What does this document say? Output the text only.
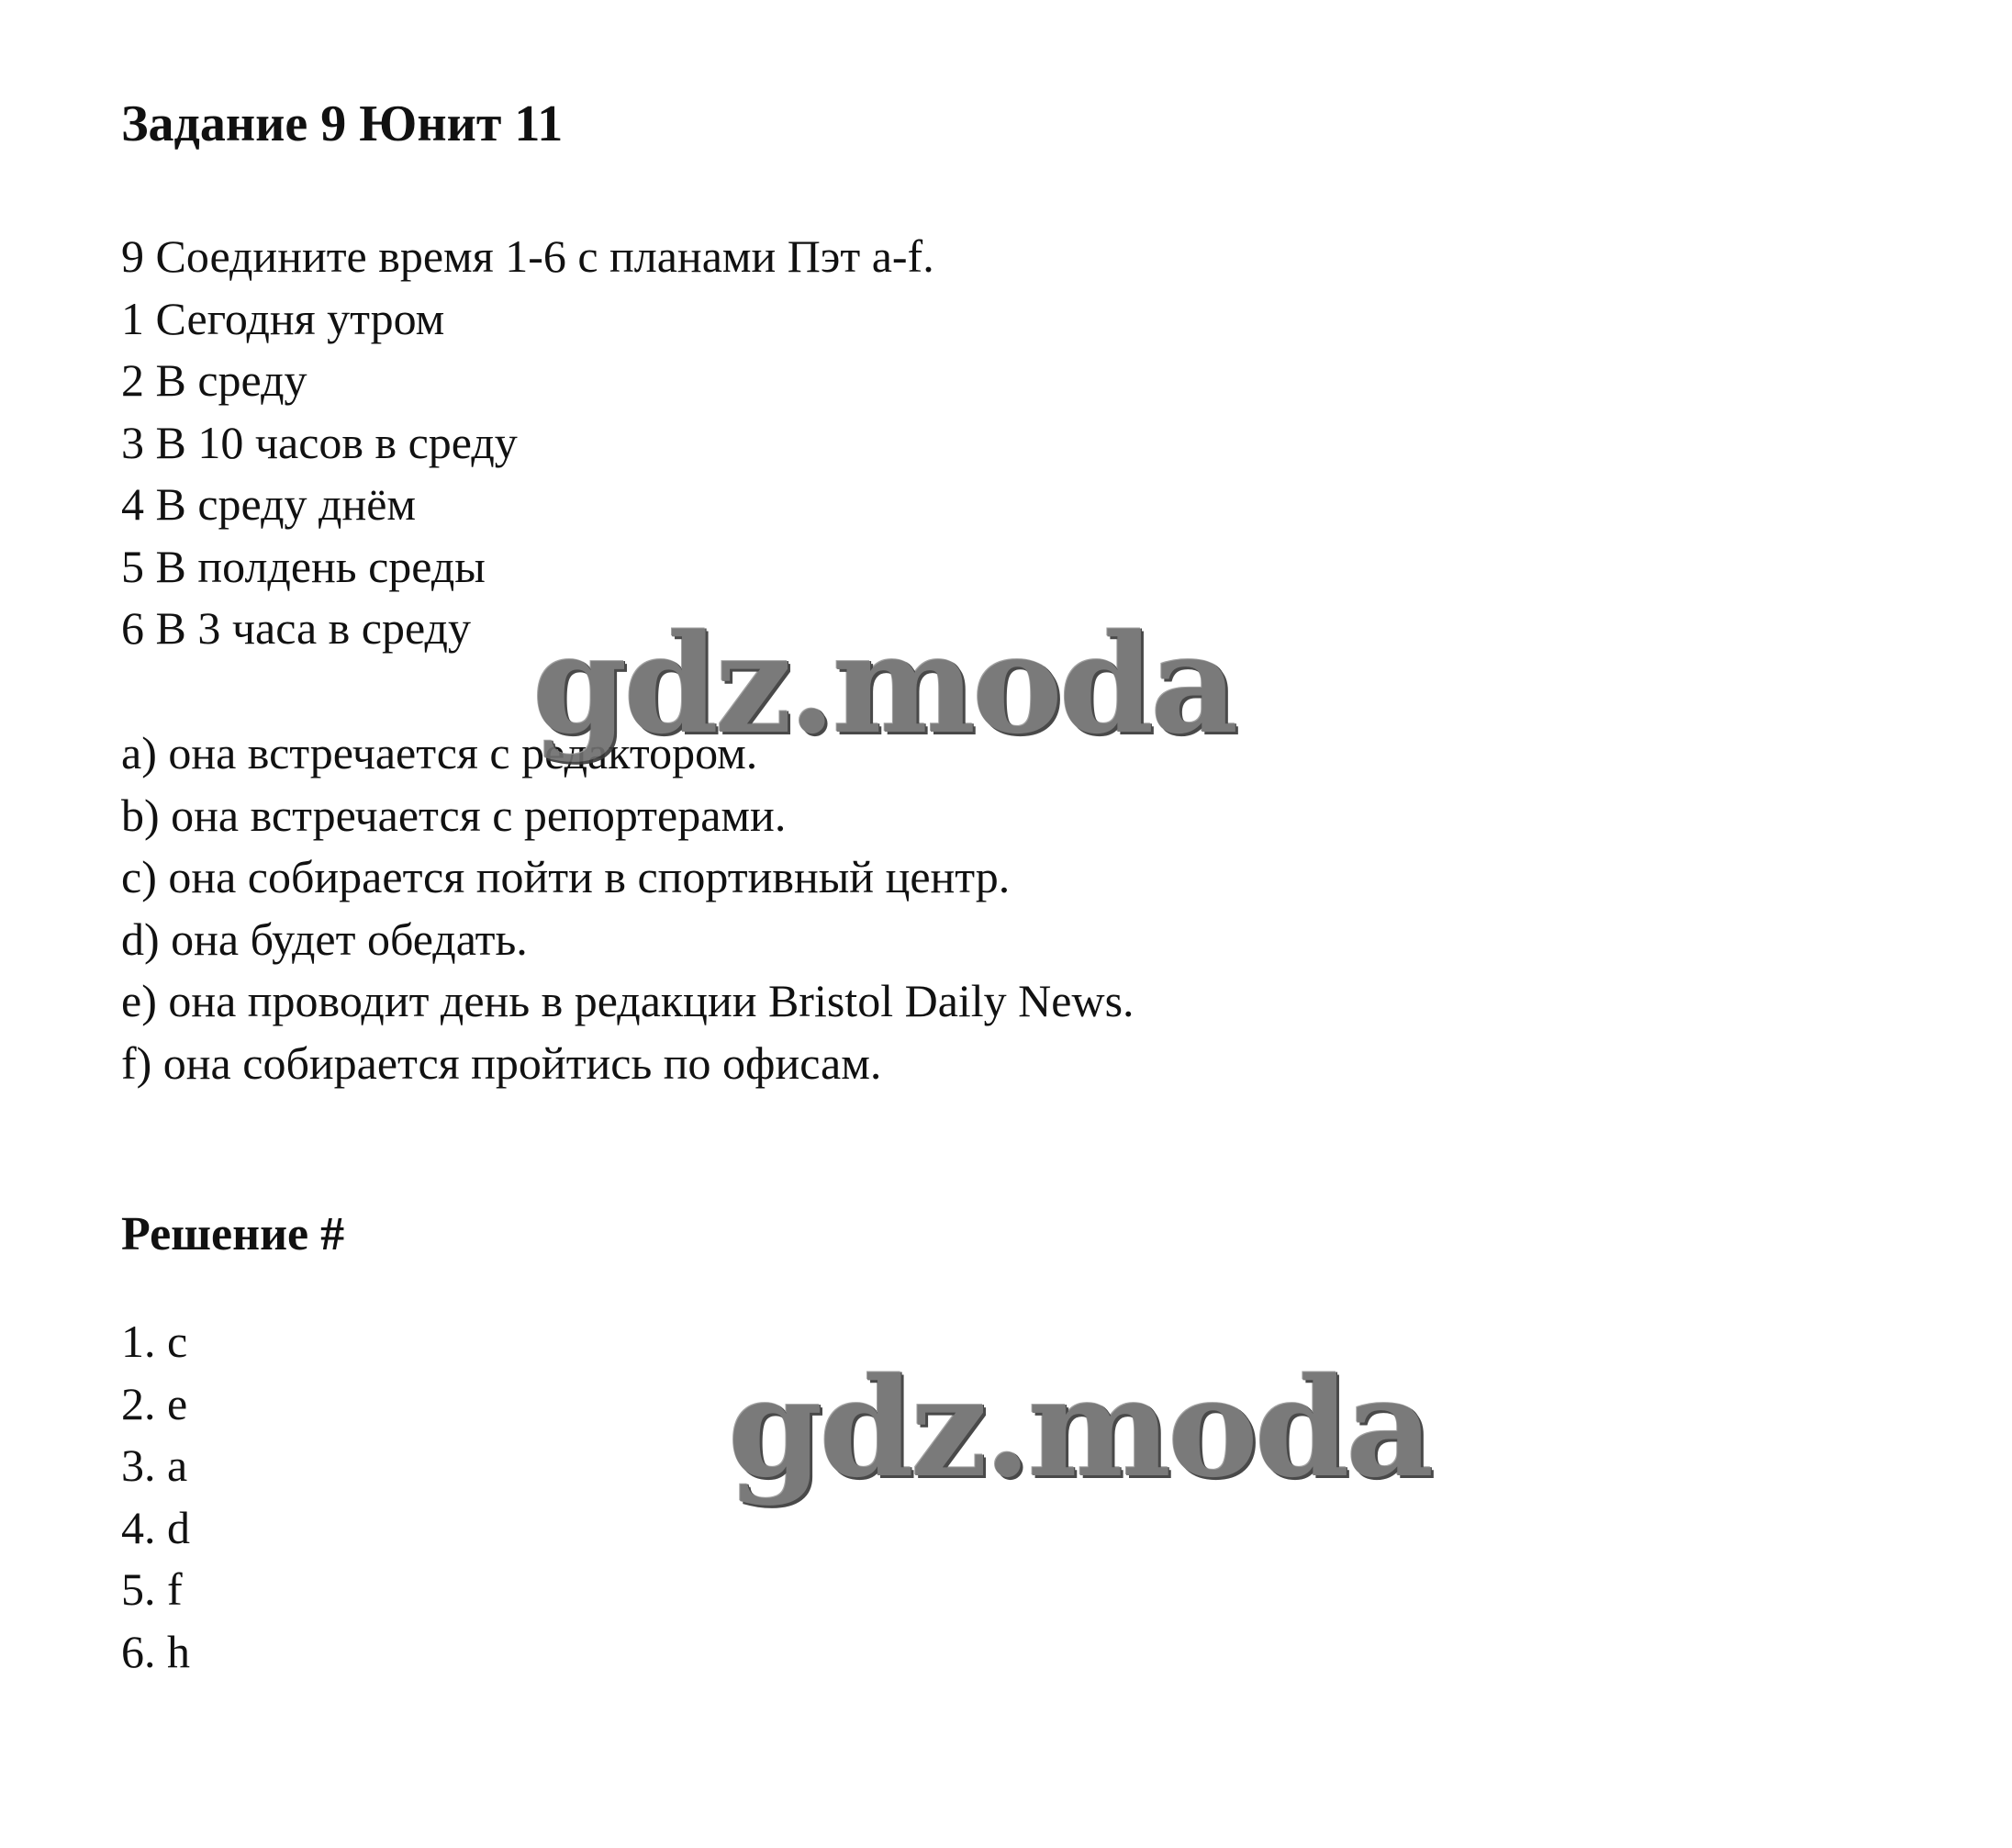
Задание 9 Юнит 11
9 Соедините время 1-6 с планами Пэт a-f.
1 Сегодня утром
2 В среду
3 В 10 часов в среду
4 В среду днём
5 В полдень среды
6 В 3 часа в среду
a) она встречается с редактором.
b) она встречается с репортерами.
c) она собирается пойти в спортивный центр.
d) она будет обедать.
e) она проводит день в редакции Bristol Daily News.
f) она собирается пройтись по офисам.
Решение #
1. c
2. e
3. a
4. d
5. f
6. h
gdz.moda
gdz.moda
